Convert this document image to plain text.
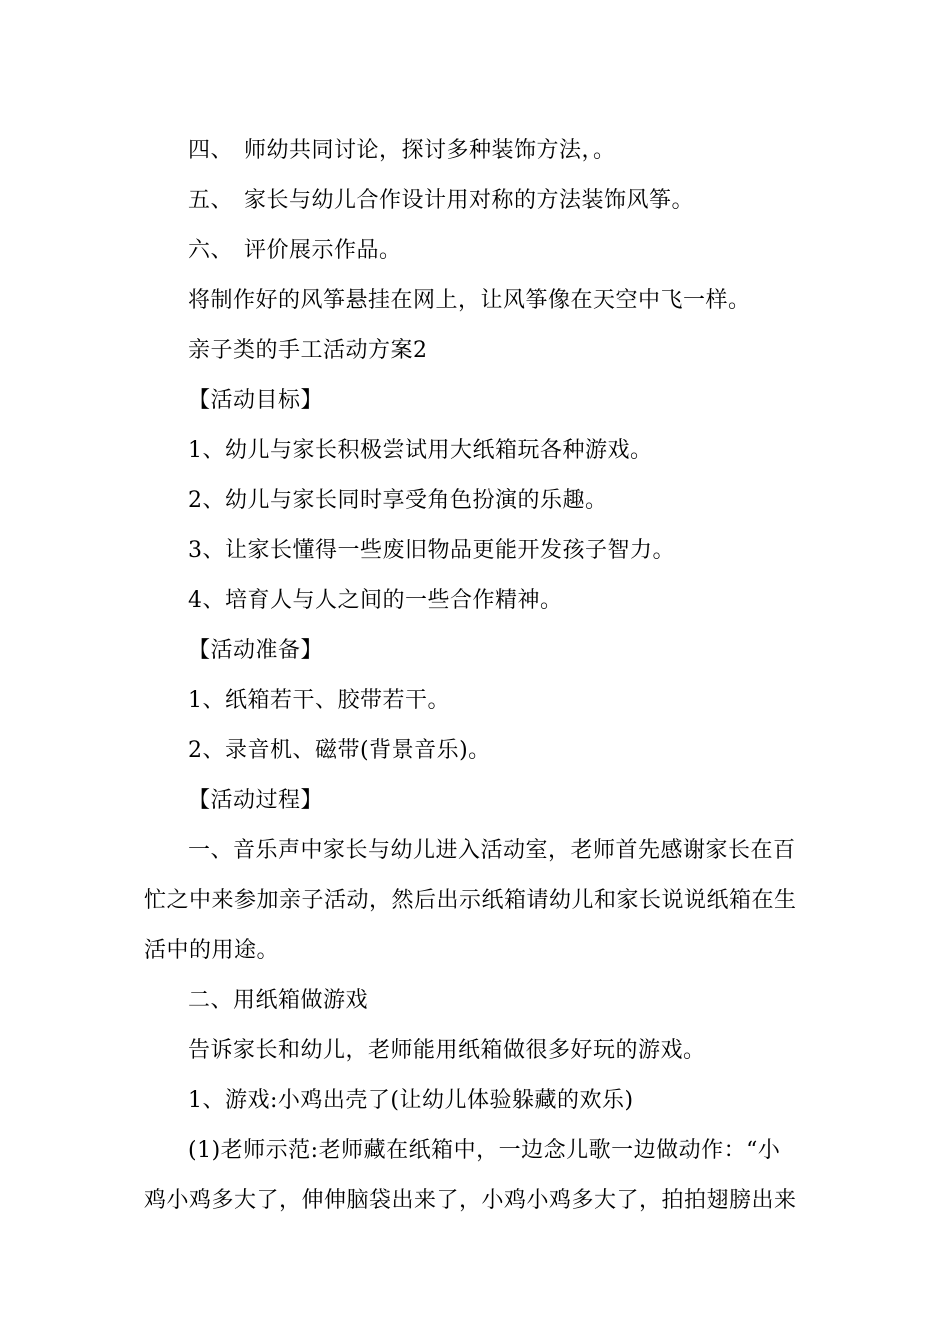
四、 师幼共同讨论，探讨多种装饰方法，。
五、 家长与幼儿合作设计用对称的方法装饰风筝。
六、 评价展示作品。
将制作好的风筝悬挂在网上，让风筝像在天空中飞一样。
亲子类的手工活动方案2
【活动目标】
1、幼儿与家长积极尝试用大纸箱玩各种游戏。
2、幼儿与家长同时享受角色扮演的乐趣。
3、让家长懂得一些废旧物品更能开发孩子智力。
4、培育人与人之间的一些合作精神。
【活动准备】
1、纸箱若干、胶带若干。
2、录音机、磁带(背景音乐)。
【活动过程】
一、音乐声中家长与幼儿进入活动室，老师首先感谢家长在百
忙之中来参加亲子活动，然后出示纸箱请幼儿和家长说说纸箱在生
活中的用途。
二、用纸箱做游戏
告诉家长和幼儿，老师能用纸箱做很多好玩的游戏。
1、游戏:小鸡出壳了(让幼儿体验躲藏的欢乐)
(1)老师示范:老师藏在纸箱中，一边念儿歌一边做动作：“小
鸡小鸡多大了，伸伸脑袋出来了，小鸡小鸡多大了，拍拍翅膀出来
